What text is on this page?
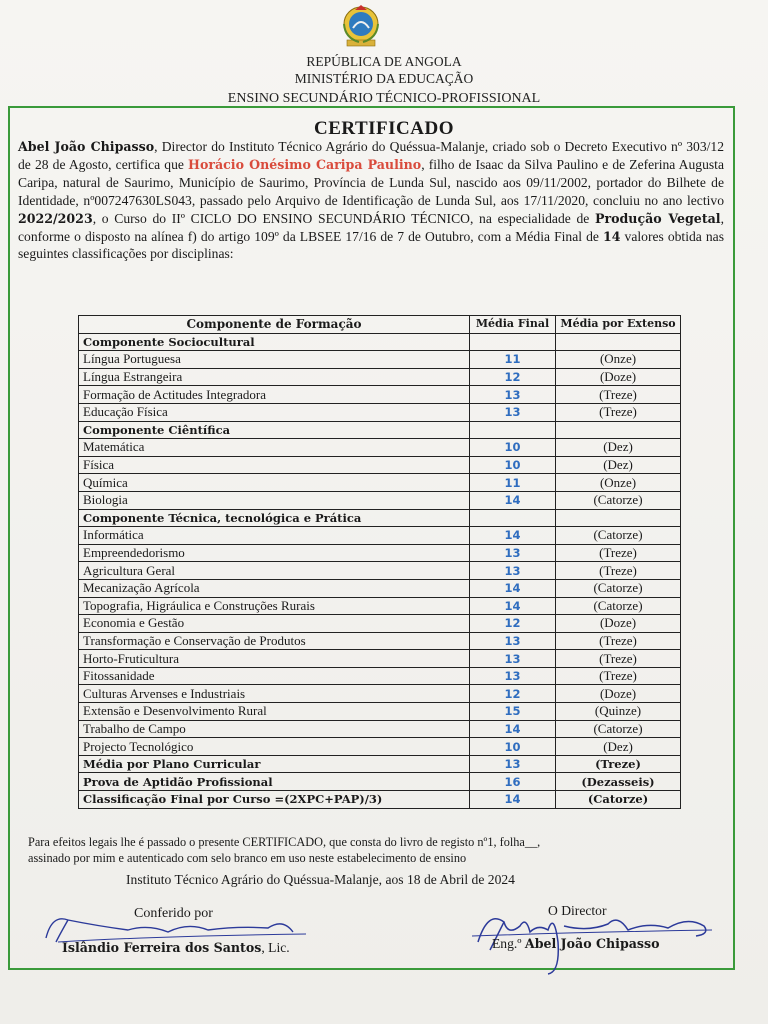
REPÚBLICA DE ANGOLA
MINISTÉRIO DA EDUCAÇÃO
ENSINO SECUNDÁRIO TÉCNICO-PROFISSIONAL
CERTIFICADO
Abel João Chipasso, Director do Instituto Técnico Agrário do Quéssua-Malanje, criado sob o Decreto Executivo nº 303/12 de 28 de Agosto, certifica que Horácio Onésimo Caripa Paulino, filho de Isaac da Silva Paulino e de Zeferina Augusta Caripa, natural de Saurimo, Município de Saurimo, Província de Lunda Sul, nascido aos 09/11/2002, portador do Bilhete de Identidade, nº007247630LS043, passado pelo Arquivo de Identificação de Lunda Sul, aos 17/11/2020, concluiu no ano lectivo 2022/2023, o Curso do IIº CICLO DO ENSINO SECUNDÁRIO TÉCNICO, na especialidade de Produção Vegetal, conforme o disposto na alínea f) do artigo 109º da LBSEE 17/16 de 7 de Outubro, com a Média Final de 14 valores obtida nas seguintes classificações por disciplinas:
Componente de Formação	Média Final	Média por Extenso
Componente Sociocultural		
Língua Portuguesa	11	(Onze)
Língua Estrangeira	12	(Doze)
Formação de Actitudes Integradora	13	(Treze)
Educação Física	13	(Treze)
Componente Ciêntífica		
Matemática	10	(Dez)
Física	10	(Dez)
Química	11	(Onze)
Biologia	14	(Catorze)
Componente Técnica, tecnológica e Prática		
Informática	14	(Catorze)
Empreendedorismo	13	(Treze)
Agricultura Geral	13	(Treze)
Mecanização Agrícola	14	(Catorze)
Topografia, Higráulica e Construções Rurais	14	(Catorze)
Economia e Gestão	12	(Doze)
Transformação e Conservação de Produtos	13	(Treze)
Horto-Fruticultura	13	(Treze)
Fitossanidade	13	(Treze)
Culturas Arvenses e Industriais	12	(Doze)
Extensão e Desenvolvimento Rural	15	(Quinze)
Trabalho de Campo	14	(Catorze)
Projecto Tecnológico	10	(Dez)
Média por Plano Curricular	13	(Treze)
Prova de Aptidão Profissional	16	(Dezasseis)
Classificação Final por Curso =(2XPC+PAP)/3)	14	(Catorze)
Para efeitos legais lhe é passado o presente CERTIFICADO, que consta do livro de registo nº1, folha__,
assinado por mim e autenticado com selo branco em uso neste estabelecimento de ensino
Instituto Técnico Agrário do Quéssua-Malanje, aos 18 de Abril de 2024
Conferido por
Islândio Ferreira dos Santos, Lic.
O Director
Eng.º Abel João Chipasso
